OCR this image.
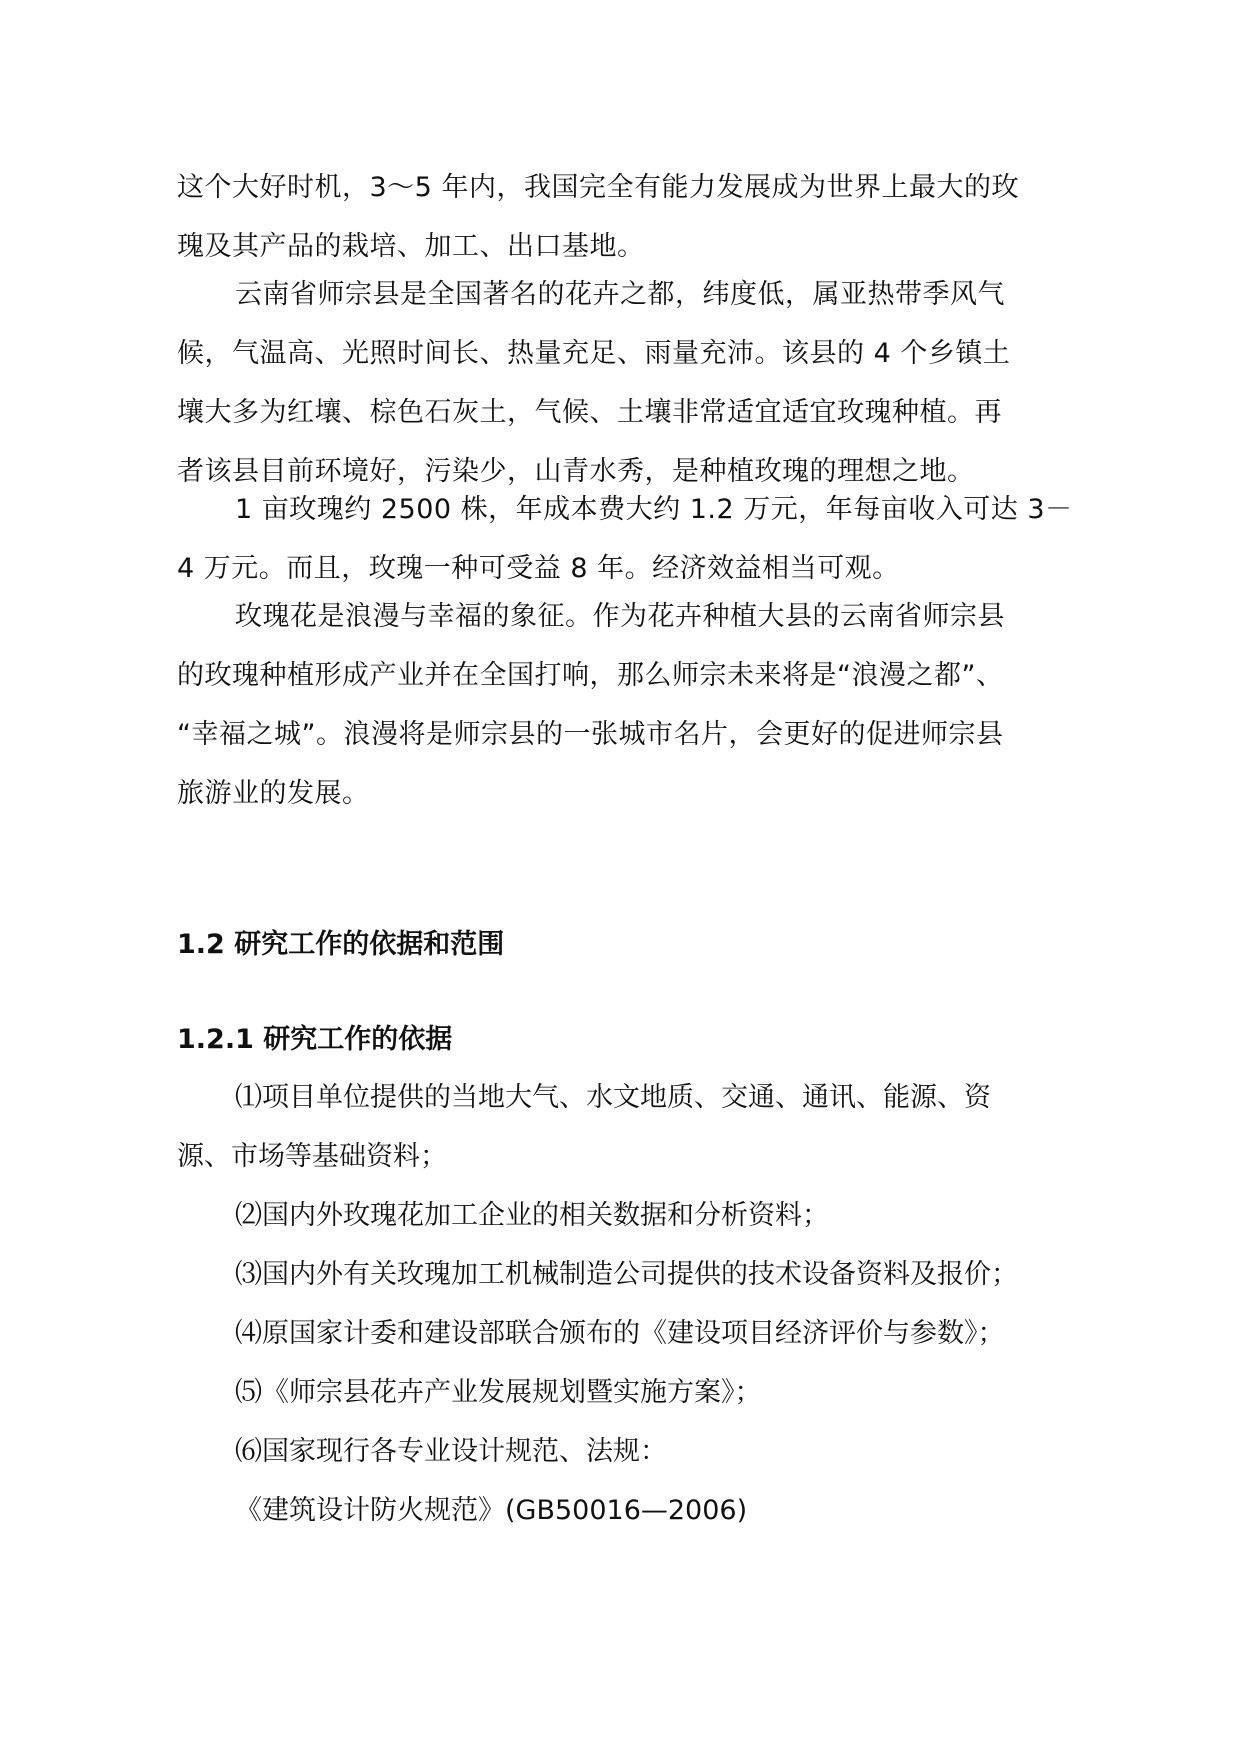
这个大好时机，3～5 年内，我国完全有能力发展成为世界上最大的玫
瑰及其产品的栽培、加工、出口基地。
云南省师宗县是全国著名的花卉之都，纬度低，属亚热带季风气
候，气温高、光照时间长、热量充足、雨量充沛。该县的 4 个乡镇土
壤大多为红壤、棕色石灰土，气候、土壤非常适宜适宜玫瑰种植。再
者该县目前环境好，污染少，山青水秀，是种植玫瑰的理想之地。
1 亩玫瑰约 2500 株，年成本费大约 1.2 万元，年每亩收入可达 3－
4 万元。而且，玫瑰一种可受益 8 年。经济效益相当可观。
玫瑰花是浪漫与幸福的象征。作为花卉种植大县的云南省师宗县
的玫瑰种植形成产业并在全国打响，那么师宗未来将是“浪漫之都”、
“幸福之城”。浪漫将是师宗县的一张城市名片，会更好的促进师宗县
旅游业的发展。
1.2 研究工作的依据和范围
1.2.1 研究工作的依据

⑴项目单位提供的当地大气、水文地质、交通、通讯、能源、资

源、市场等基础资料；

⑵国内外玫瑰花加工企业的相关数据和分析资料；

⑶国内外有关玫瑰加工机械制造公司提供的技术设备资料及报价；

⑷原国家计委和建设部联合颁布的《建设项目经济评价与参数》；

⑸《师宗县花卉产业发展规划暨实施方案》；

⑹国家现行各专业设计规范、法规：

《建筑设计防火规范》(GB50016—2006)
